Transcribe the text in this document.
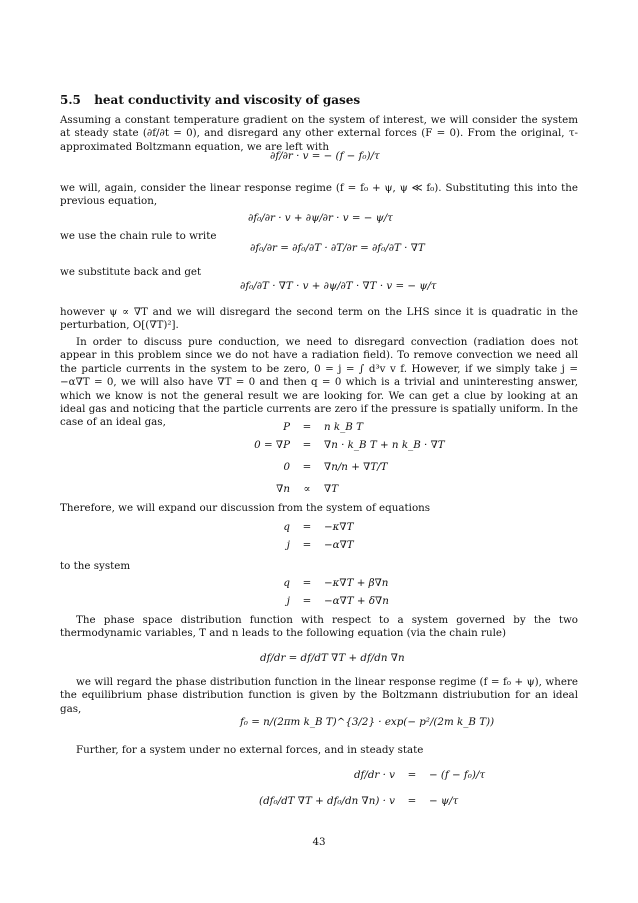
5.5 heat conductivity and viscosity of gases
Assuming a constant temperature gradient on the system of interest, we will consider the system at steady state (∂f/∂t = 0), and disregard any other external forces (F = 0). From the original, τ-approximated Boltzmann equation, we are left with
∂f/∂r · v = − (f − f₀)/τ
we will, again, consider the linear response regime (f = f₀ + ψ, ψ ≪ f₀). Substituting this into the previous equation,
∂f₀/∂r · v + ∂ψ/∂r · v = − ψ/τ
we use the chain rule to write
∂f₀/∂r = ∂f₀/∂T · ∂T/∂r = ∂f₀/∂T · ∇T
we substitute back and get
∂f₀/∂T · ∇T · v + ∂ψ/∂T · ∇T · v = − ψ/τ
however ψ ∝ ∇T and we will disregard the second term on the LHS since it is quadratic in the perturbation, O[(∇T)²].
In order to discuss pure conduction, we need to disregard convection (radiation does not appear in this problem since we do not have a radiation field). To remove convection we need all the particle currents in the system to be zero, 0 = j = ∫ d³v v f. However, if we simply take j = −α∇T = 0, we will also have ∇T = 0 and then q = 0 which is a trivial and uninteresting answer, which we know is not the general result we are looking for. We can get a clue by looking at an ideal gas and noticing that the particle currents are zero if the pressure is spatially uniform. In the case of an ideal gas,	P	=	n k_B T
0 = ∇P	=	∇n · k_B T + n k_B · ∇T
0	=	∇n/n + ∇T/T
∇n	∝	∇T
Therefore, we will expand our discussion from the system of equations
q	=	−κ∇T
j	=	−α∇T
to the system
q	=	−κ∇T + β∇n
j	=	−α∇T + δ∇n
The phase space distribution function with respect to a system governed by the two thermodynamic variables, T and n leads to the following equation (via the chain rule)
df/dr = df/dT ∇T + df/dn ∇n
we will regard the phase distribution function in the linear response regime (f = f₀ + ψ), where the equilibrium phase distribution function is given by the Boltzmann distriubution for an ideal gas,
f₀ = n/(2πm k_B T)^{3/2} · exp(− p²/(2m k_B T))
Further, for a system under no external forces, and in steady state
df/dr · v	=	− (f − f₀)/τ
(df₀/dT ∇T + df₀/dn ∇n) · v	=	− ψ/τ
43
